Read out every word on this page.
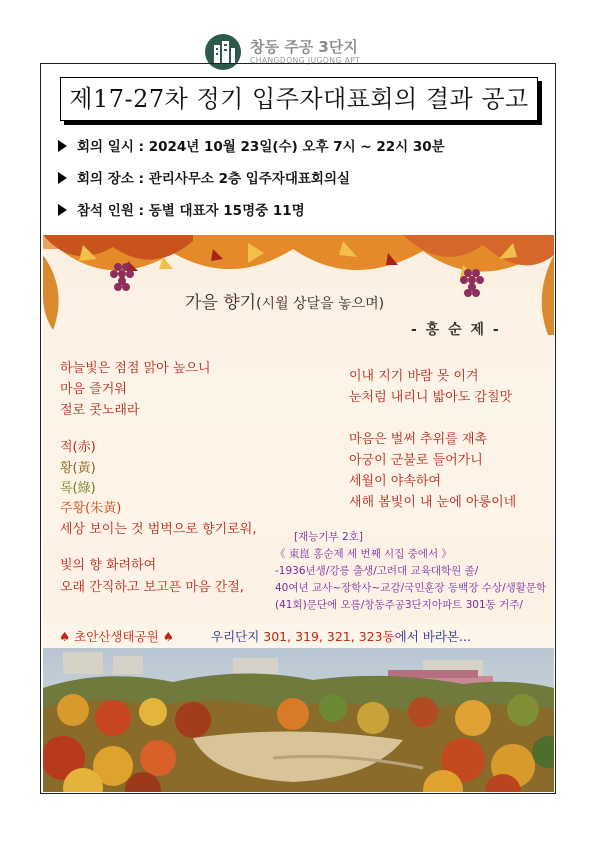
창동 주공 3단지
CHANGDONG JUGONG APT
제17-27차 정기 입주자대표회의 결과 공고
회의 일시 : 2024년 10월 23일(수) 오후 7시 ~ 22시 30분
회의 장소 : 관리사무소 2층 입주자대표회의실
참석 인원 : 동별 대표자 15명중 11명
가을 향기(시월 상달을 놓으며)
- 홍 순 제 -
하늘빛은 점점 맑아 높으니
마음 즐거워
절로 콧노래라
적(赤)
황(黃)
록(綠)
주황(朱黃)
세상 보이는 것 범벅으로 향기로워,
빛의 향 화려하여
오래 간직하고 보고픈 마음 간절,
이내 지기 바람 못 이겨
눈처럼 내리니 밟아도 감칠맛
마음은 벌써 추위를 재촉
아궁이 군불로 들어가니
세월이 야속하여
새해 봄빛이 내 눈에 아롱이네
[재능기부 2호]
《 東崑 홍순제 세 번째 시집 중에서 》
-1936년생/강릉 출생/고려대 교육대학원 졸/
40여년 교사~장학사~교감/국민훈장 동백장 수상/생활문학
(41회)문단에 오름/창동주공3단지아파트 301동 거주/
♠ 초안산생태공원 ♠	우리단지 301, 319, 321, 323동에서 바라본...
